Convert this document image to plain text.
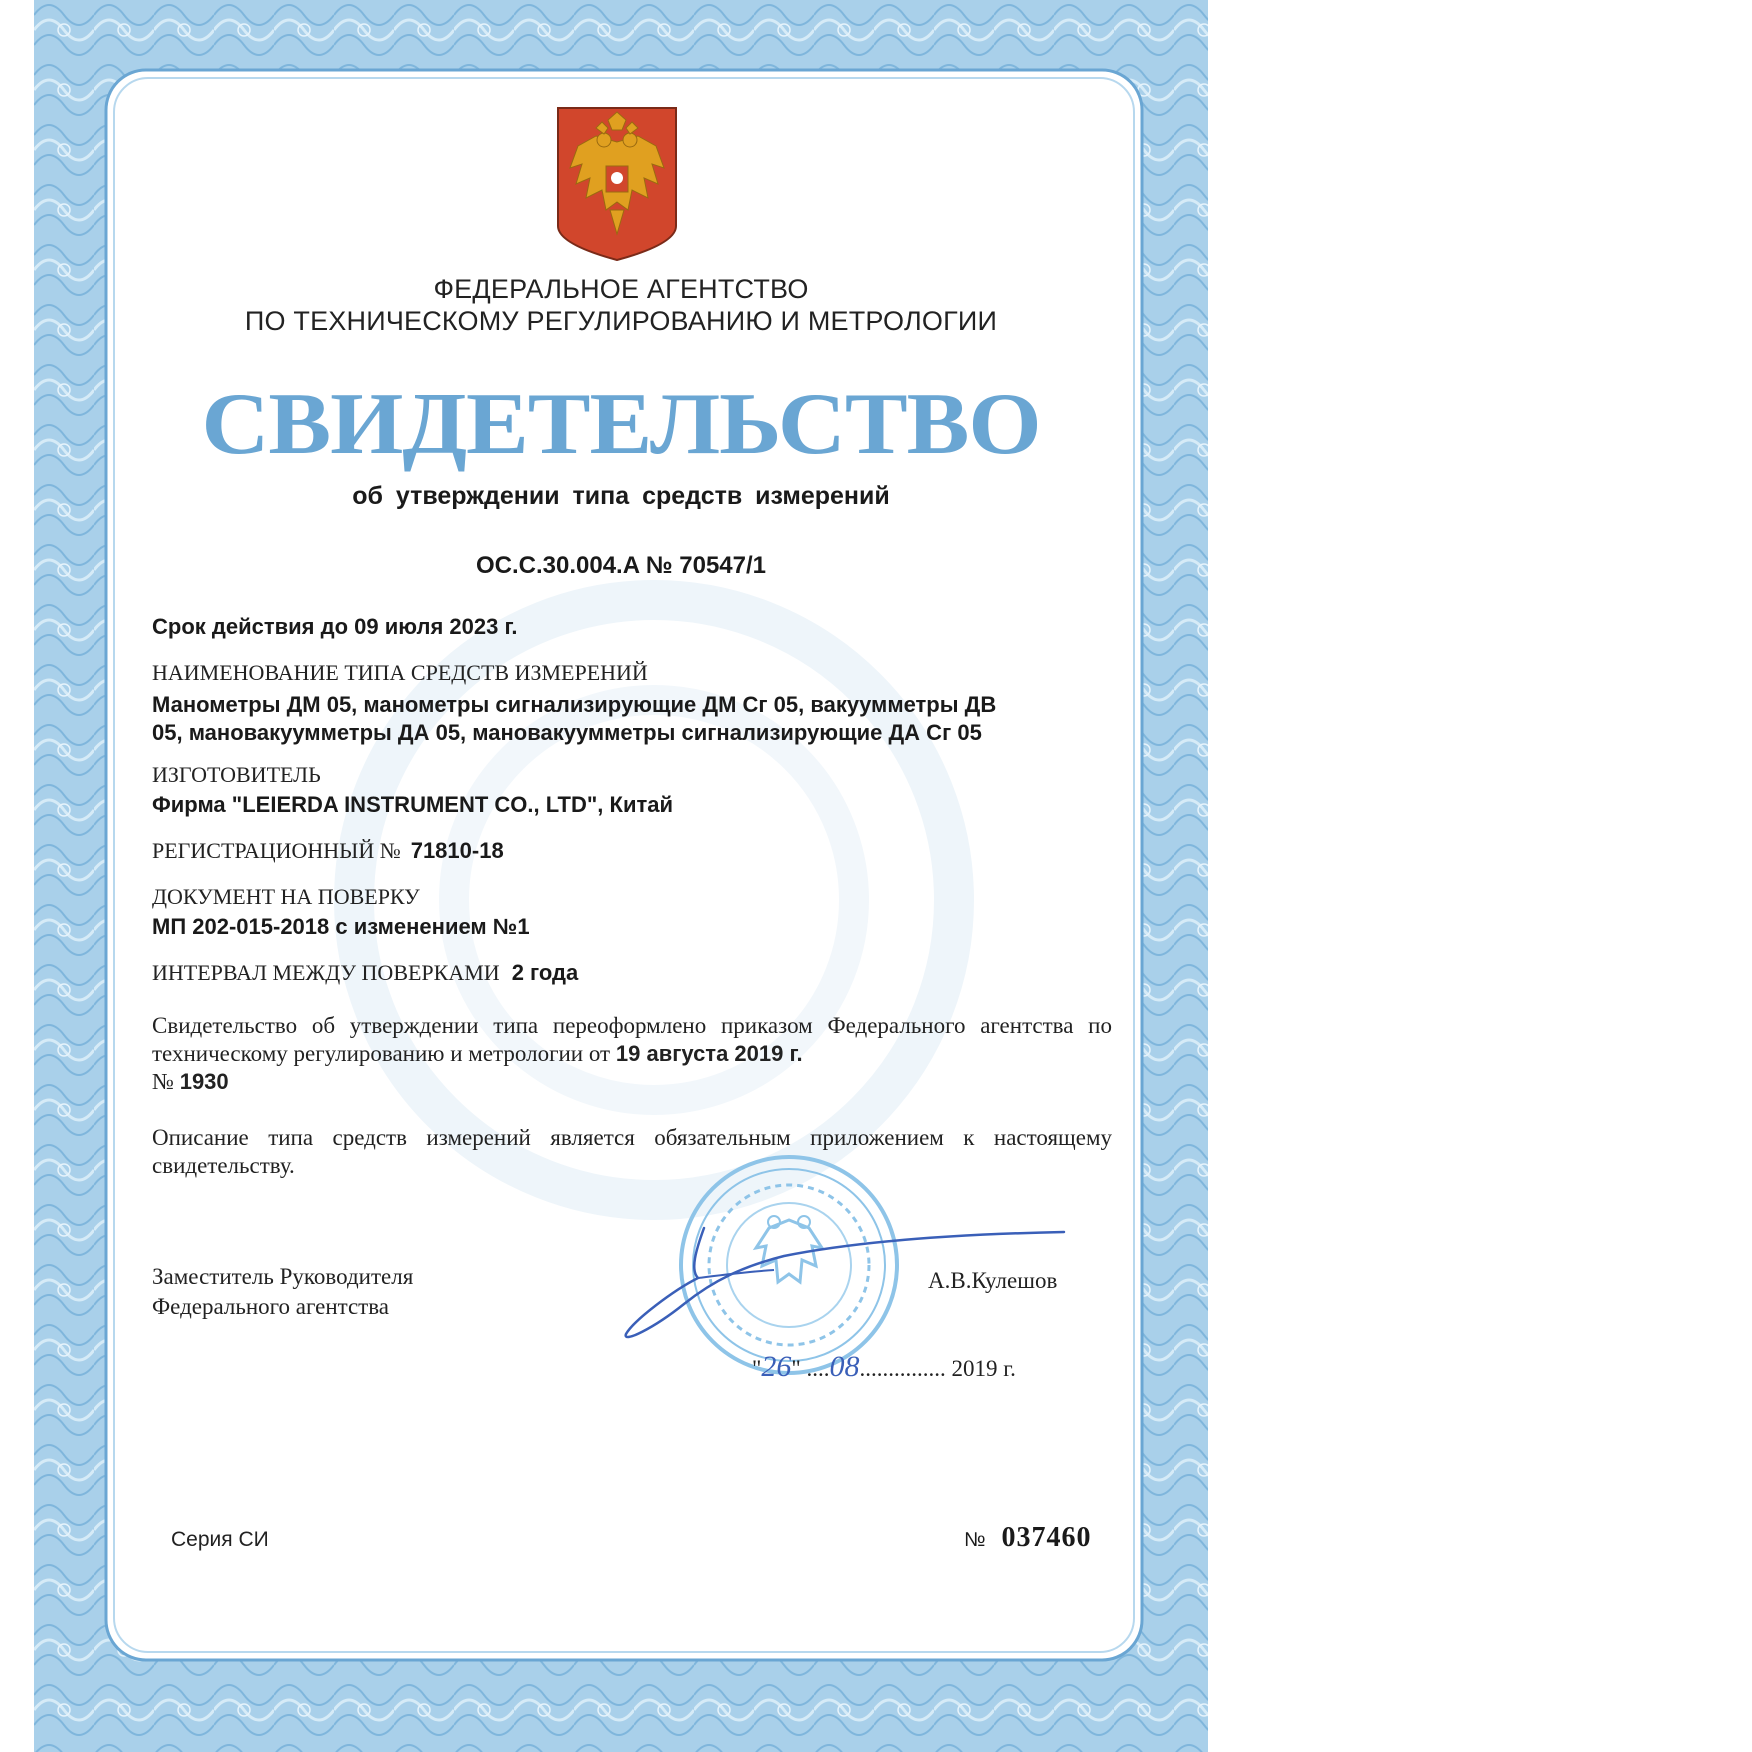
ФЕДЕРАЛЬНОЕ АГЕНТСТВО
ПО ТЕХНИЧЕСКОМУ РЕГУЛИРОВАНИЮ И МЕТРОЛОГИИ
СВИДЕТЕЛЬСТВО
об утверждении типа средств измерений
OC.C.30.004.A № 70547/1
Срок действия до 09 июля 2023 г.
НАИМЕНОВАНИЕ ТИПА СРЕДСТВ ИЗМЕРЕНИЙ
Манометры ДМ 05, манометры сигнализирующие ДМ Сг 05, вакуумметры ДВ
05, мановакуумметры ДА 05, мановакуумметры сигнализирующие ДА Сг 05
ИЗГОТОВИТЕЛЬ
Фирма "LEIERDA INSTRUMENT CO., LTD", Китай
РЕГИСТРАЦИОННЫЙ № 71810-18
ДОКУМЕНТ НА ПОВЕРКУ
МП 202-015-2018 с изменением №1
ИНТЕРВАЛ МЕЖДУ ПОВЕРКАМИ 2 года
Свидетельство об утверждении типа переоформлено приказом Федерального агентства по техническому регулированию и метрологии от 19 августа 2019 г.
№ 1930
Описание типа средств измерений является обязательным приложением к настоящему свидетельству.
Заместитель Руководителя
Федерального агентства
А.В.Кулешов
"26" ....08............... 2019 г.
Серия СИ	№ 037460
